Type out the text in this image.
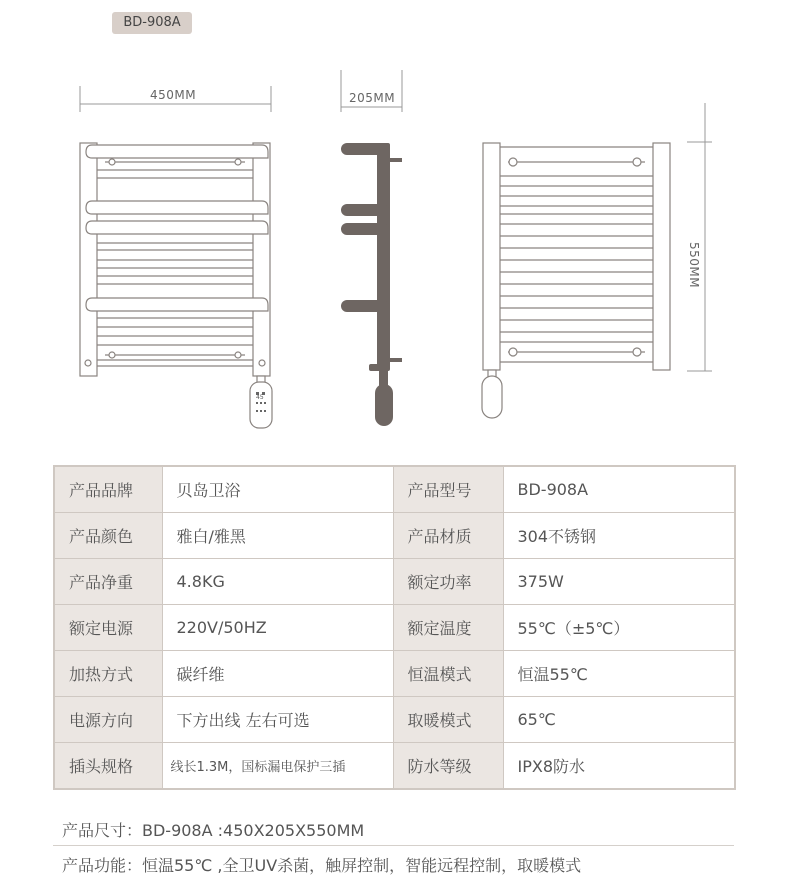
BD-908A
450MM	205MM
550MM
45
产品品牌	贝岛卫浴	产品型号	BD-908A
产品颜色	雅白/雅黑	产品材质	304不锈钢
产品净重	4.8KG	额定功率	375W
额定电源	220V/50HZ	额定温度	55℃（±5℃）
加热方式	碳纤维	恒温模式	恒温55℃
电源方向	下方出线 左右可选	取暖模式	65℃
插头规格	线长1.3M，国标漏电保护三插	防水等级	IPX8防水
产品尺寸：BD-908A :450X205X550MM
产品功能：恒温55℃ ,全卫UV杀菌，触屏控制，智能远程控制，取暖模式
